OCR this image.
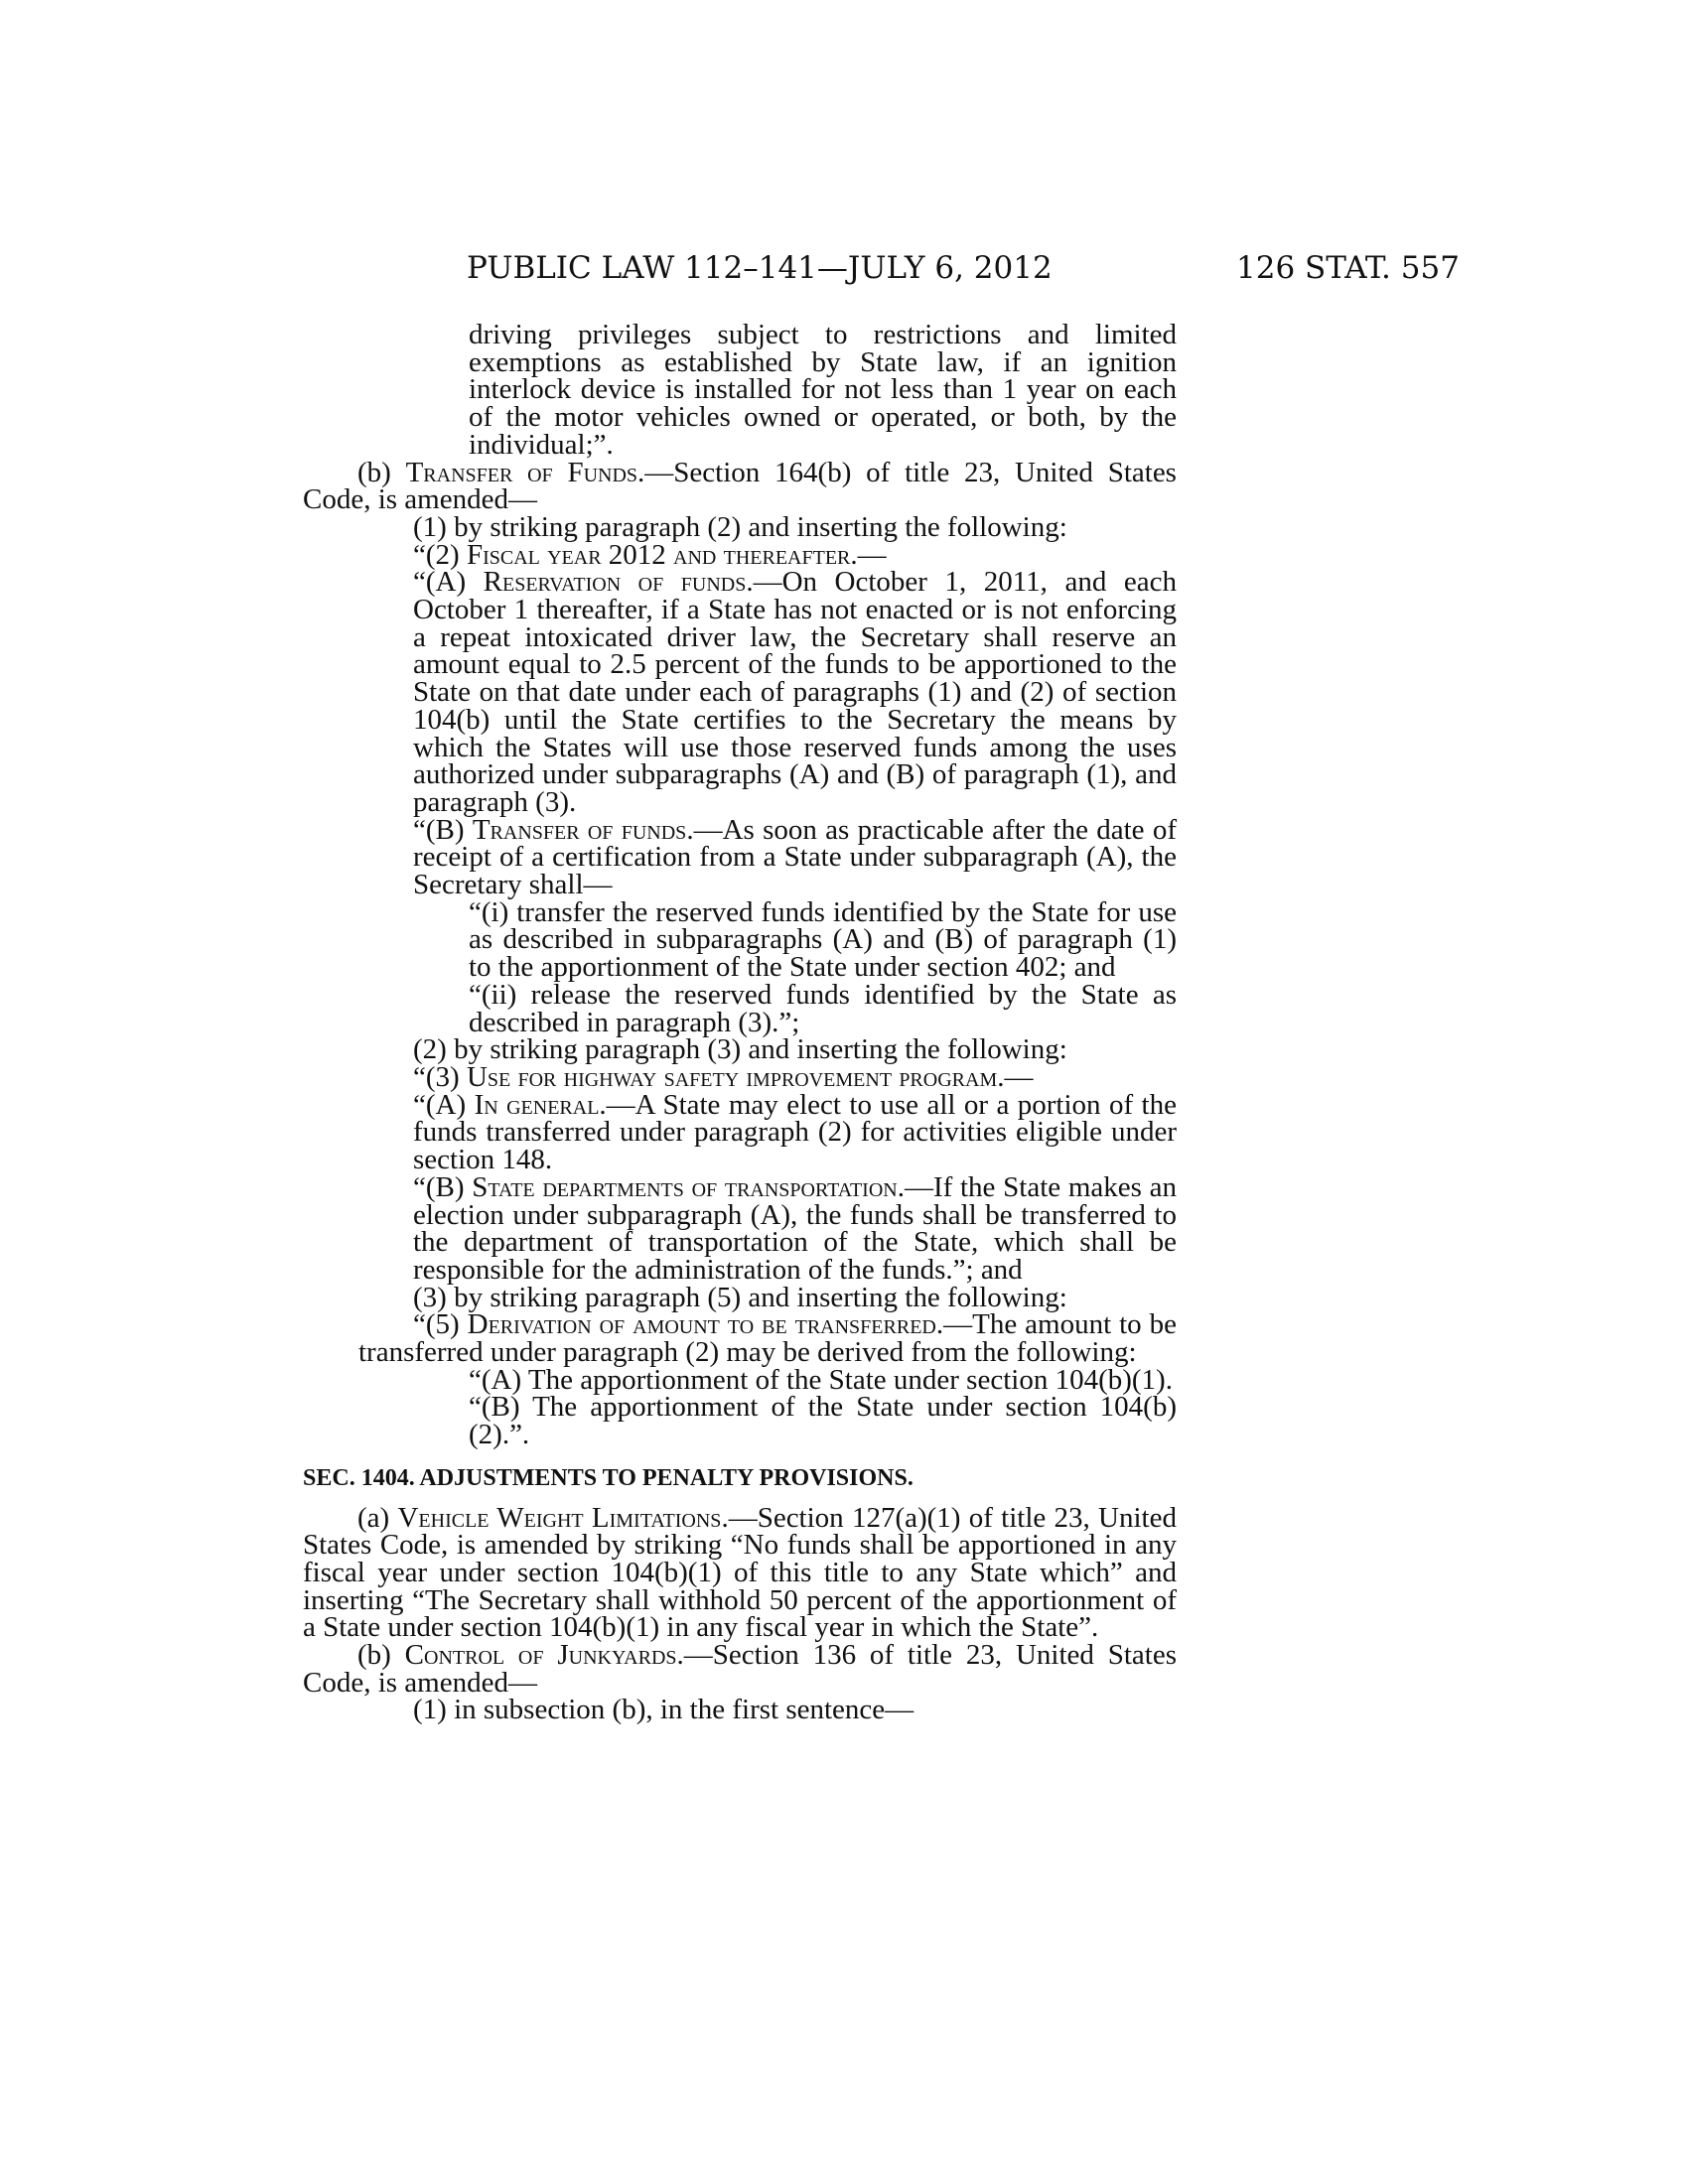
PUBLIC LAW 112–141—JULY 6, 2012	126 STAT. 557

driving privileges subject to restrictions and limited exemptions as established by State law, if an ignition interlock device is installed for not less than 1 year on each of the motor vehicles owned or operated, or both, by the individual;”.

(b) Transfer of Funds.—Section 164(b) of title 23, United States Code, is amended—

(1) by striking paragraph (2) and inserting the following:

“(2) Fiscal year 2012 and thereafter.—

“(A) Reservation of funds.—On October 1, 2011, and each October 1 thereafter, if a State has not enacted or is not enforcing a repeat intoxicated driver law, the Secretary shall reserve an amount equal to 2.5 percent of the funds to be apportioned to the State on that date under each of paragraphs (1) and (2) of section 104(b) until the State certifies to the Secretary the means by which the States will use those reserved funds among the uses authorized under subparagraphs (A) and (B) of paragraph (1), and paragraph (3).

“(B) Transfer of funds.—As soon as practicable after the date of receipt of a certification from a State under subparagraph (A), the Secretary shall—

“(i) transfer the reserved funds identified by the State for use as described in subparagraphs (A) and (B) of paragraph (1) to the apportionment of the State under section 402; and

“(ii) release the reserved funds identified by the State as described in paragraph (3).”;

(2) by striking paragraph (3) and inserting the following:

“(3) Use for highway safety improvement program.—

“(A) In general.—A State may elect to use all or a portion of the funds transferred under paragraph (2) for activities eligible under section 148.

“(B) State departments of transportation.—If the State makes an election under subparagraph (A), the funds shall be transferred to the department of transportation of the State, which shall be responsible for the administration of the funds.”; and

(3) by striking paragraph (5) and inserting the following:

“(5) Derivation of amount to be transferred.—The amount to be transferred under paragraph (2) may be derived from the following:

“(A) The apportionment of the State under section 104(b)(1).

“(B) The apportionment of the State under section 104(b)(2).”.

SEC. 1404. ADJUSTMENTS TO PENALTY PROVISIONS.

(a) Vehicle Weight Limitations.—Section 127(a)(1) of title 23, United States Code, is amended by striking “No funds shall be apportioned in any fiscal year under section 104(b)(1) of this title to any State which” and inserting “The Secretary shall withhold 50 percent of the apportionment of a State under section 104(b)(1) in any fiscal year in which the State”.

(b) Control of Junkyards.—Section 136 of title 23, United States Code, is amended—

(1) in subsection (b), in the first sentence—
